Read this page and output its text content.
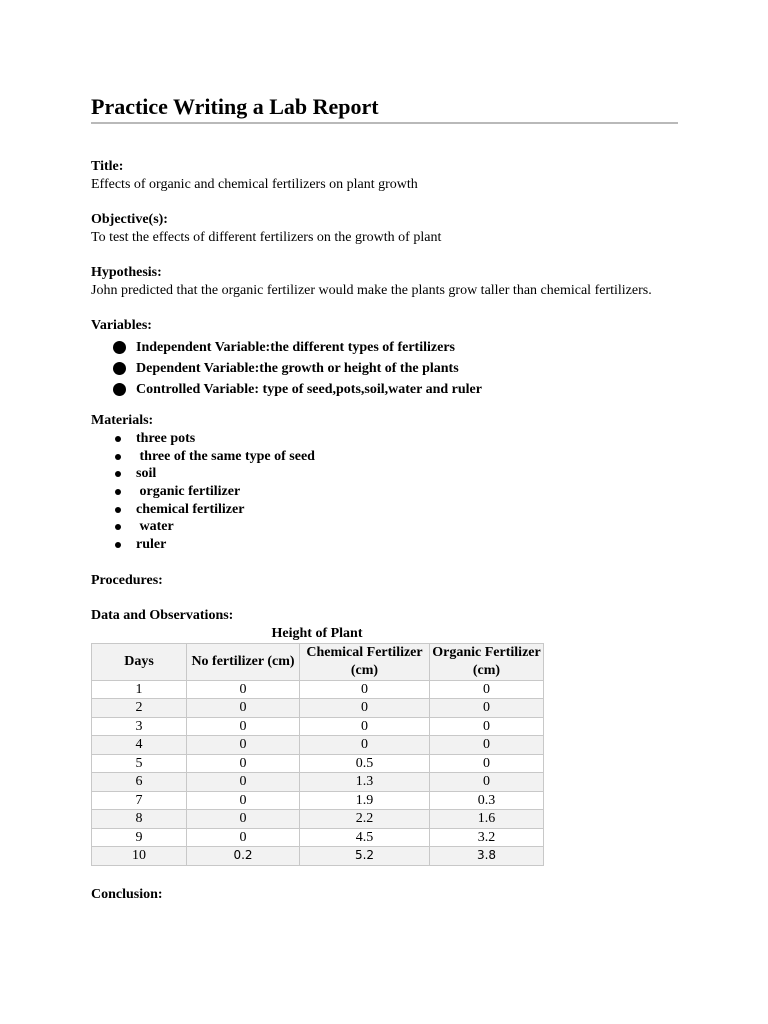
Practice Writing a Lab Report
Title:
Effects of organic and chemical fertilizers on plant growth
Objective(s):
To test the effects of different fertilizers on the growth of plant
Hypothesis:
John predicted that the organic fertilizer would make the plants grow taller than chemical fertilizers.
Variables:
Independent Variable:the different types of fertilizers
Dependent Variable:the growth or height of the plants
Controlled Variable: type of seed,pots,soil,water and ruler
Materials:
three pots
three of the same type of seed
soil
organic fertilizer
chemical fertilizer
water
ruler
Procedures:
Data and Observations:
Height of Plant
Days	No fertilizer (cm)	Chemical Fertilizer (cm)	Organic Fertilizer (cm)
1	0	0	0
2	0	0	0
3	0	0	0
4	0	0	0
5	0	0.5	0
6	0	1.3	0
7	0	1.9	0.3
8	0	2.2	1.6
9	0	4.5	3.2
10	0.2	5.2	3.8
Conclusion:
